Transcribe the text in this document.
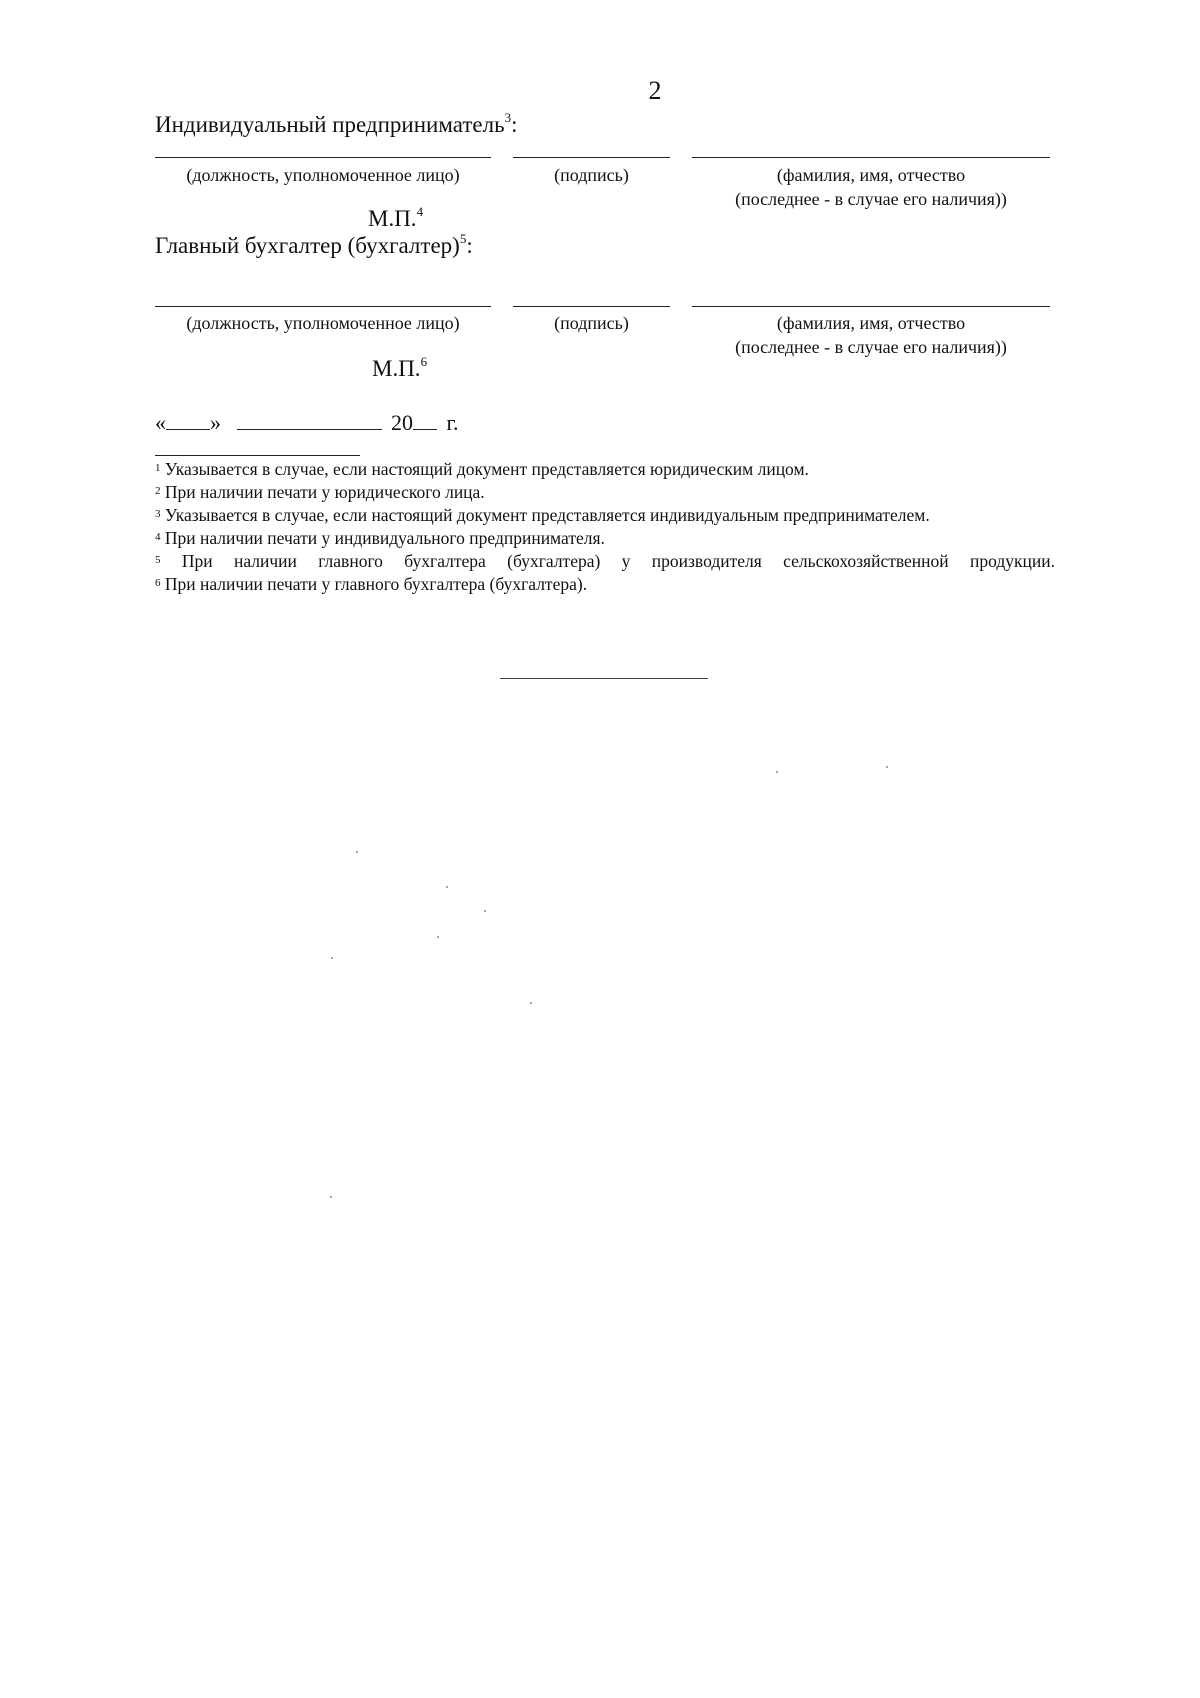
2
Индивидуальный предприниматель$^3$:
(должность, уполномоченное лицо)	(подпись)	(фамилия, имя, отчество
(последнее - в случае его наличия))
М.П.$^4$
Главный бухгалтер (бухгалтер)$^5$:
(должность, уполномоченное лицо)	(подпись)	(фамилия, имя, отчество
(последнее - в случае его наличия))
М.П.$^6$
« »	20 г.
$^1$ Указывается в случае, если настоящий документ представляется юридическим лицом.
$^2$ При наличии печати у юридического лица.
$^3$ Указывается в случае, если настоящий документ представляется индивидуальным предпринимателем.
$^4$ При наличии печати у индивидуального предпринимателя.
$^5$ При наличии главного бухгалтера (бухгалтера) у производителя сельскохозяйственной продукции.
$^6$ При наличии печати у главного бухгалтера (бухгалтера).
